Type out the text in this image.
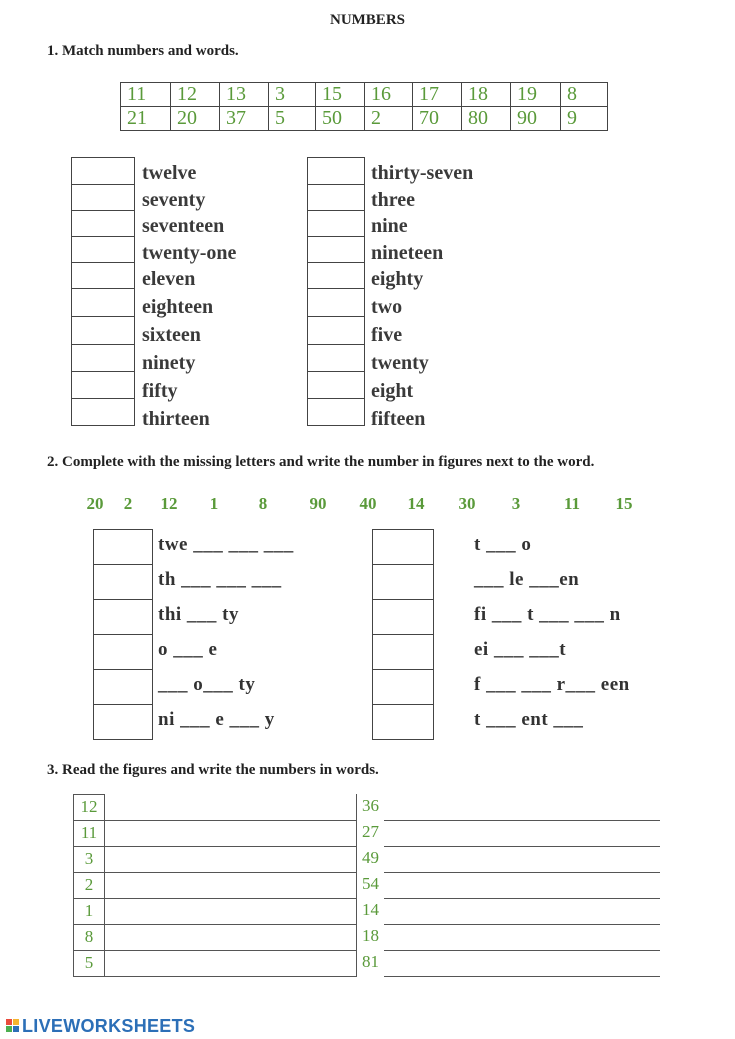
NUMBERS
1. Match numbers and words.
11	12	13	3	15	16	17	18	19	8
21	20	37	5	50	2	70	80	90	9
twelve
seventy
seventeen
twenty-one
eleven
eighteen
sixteen
ninety
fifty
thirteen
thirty-seven
three
nine
nineteen
eighty
two
five
twenty
eight
fifteen
2. Complete with the missing letters and write the number in figures next to the word.
20 2 12 1 8 90 40 14 30 3	11 15
twe ___ ___ ___
th ___ ___ ___
thi ___ ty
o ___ e
___ o___ ty
ni ___ e ___ y
t ___ o
___ le ___en
fi ___ t ___ ___ n
ei ___ ___t
f ___ ___ r___ een
t ___ ent ___
3. Read the figures and write the numbers in words.
12
11
3
2
1
8
5
36
27
49
54
14
18
81
LIVEWORKSHEETS
